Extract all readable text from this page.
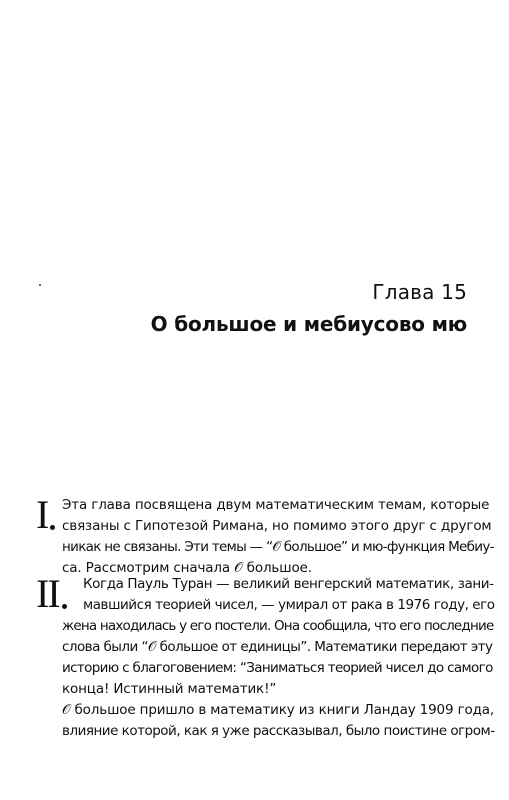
Глава 15
О большое и мебиусово мю
I	Эта глава посвящена двум математическим темам, которые
связаны с Гипотезой Римана, но помимо этого друг с другом
никак не связаны. Эти темы — “𝒪 большое” и мю-функция Мебиу-
са. Рассмотрим сначала 𝒪 большое.
II	Когда Пауль Туран — великий венгерский математик, зани-
мавшийся теорией чисел, — умирал от рака в 1976 году, его
жена находилась у его постели. Она сообщила, что его последние
слова были “𝒪 большое от единицы”. Математики передают эту
историю с благоговением: “Заниматься теорией чисел до самого
конца! Истинный математик!”
𝒪 большое пришло в математику из книги Ландау 1909 года,
влияние которой, как я уже рассказывал, было поистине огром-
